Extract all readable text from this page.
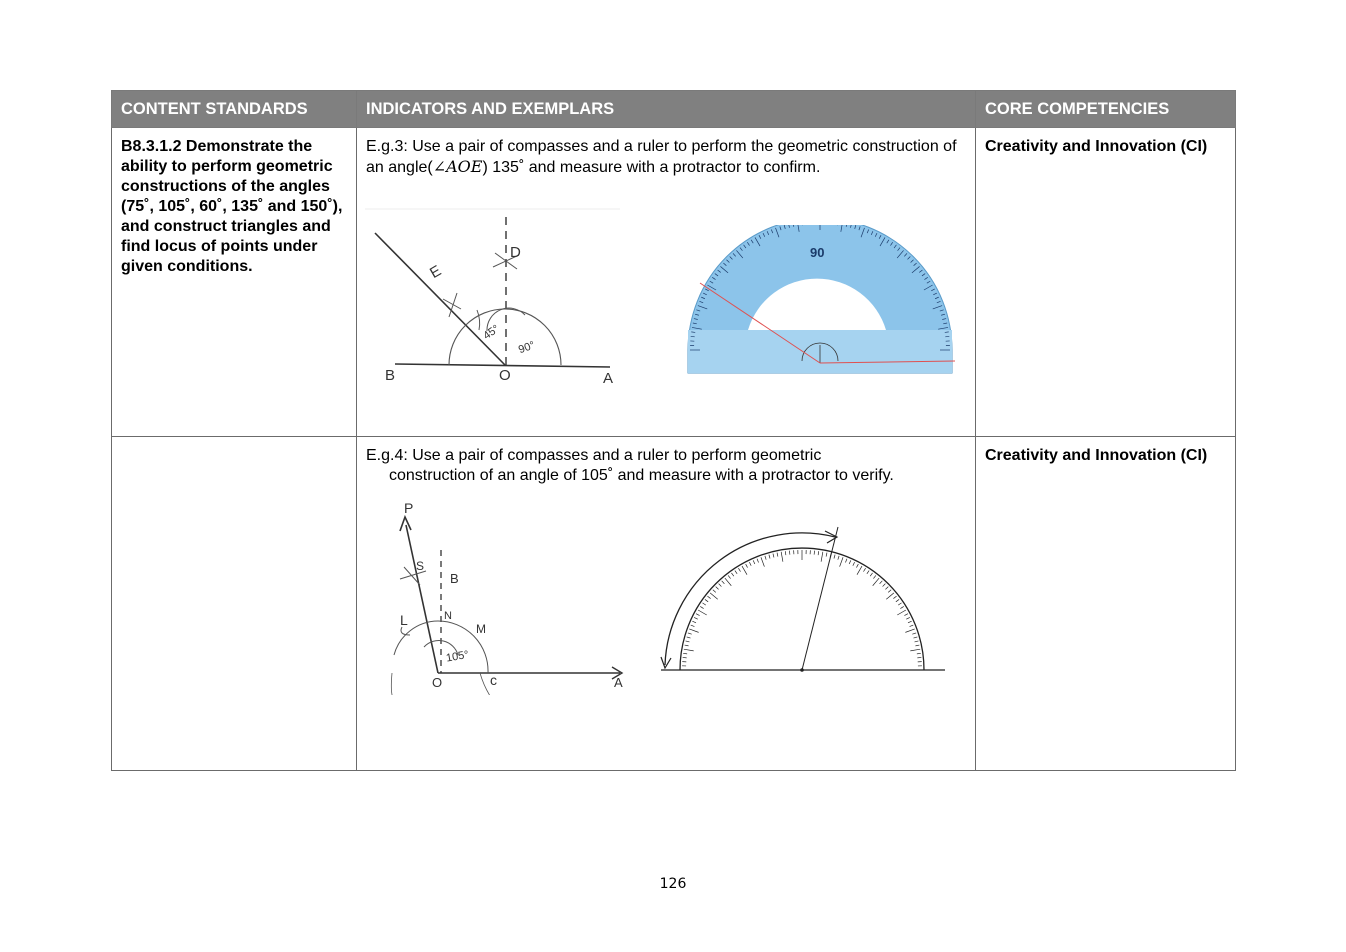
CONTENT STANDARDS	INDICATORS AND EXEMPLARS	CORE COMPETENCIES
B8.3.1.2 Demonstrate the ability to perform geometric constructions of the angles (75˚, 105˚, 60˚, 135˚ and 150˚), and construct triangles and find locus of points under given conditions.	E.g.3: Use a pair of compasses and a ruler to perform the geometric construction of an angle(∠AOE) 135˚ and measure with a protractor to confirm.	Creativity and Innovation (CI)
	E.g.4: Use a pair of compasses and a ruler to perform geometric
construction of an angle of 105˚ and measure with a protractor to verify.	Creativity and Innovation (CI)
B	O	A
E
D
45°
90°
90
P
S
B
N
M
L
O	c	A
105°
126
